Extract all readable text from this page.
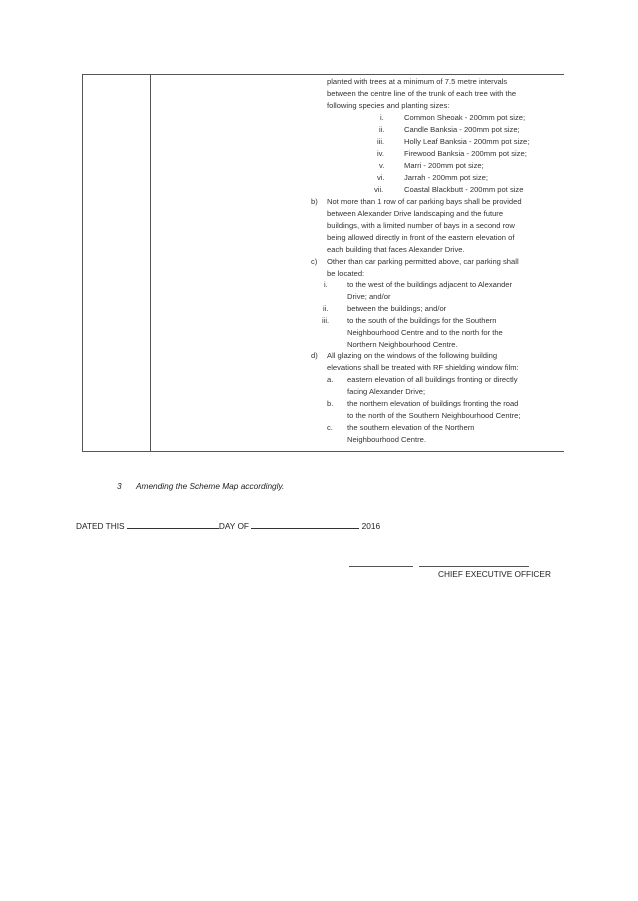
planted with trees at a minimum of 7.5 metre intervals
between the centre line of the trunk of each tree with the
following species and planting sizes:
i.	Common Sheoak - 200mm pot size;
ii.	Candle Banksia - 200mm pot size;
iii.	Holly Leaf Banksia - 200mm pot size;
iv.	Firewood Banksia - 200mm pot size;
v.	Marri - 200mm pot size;
vi.	Jarrah - 200mm pot size;
vii.	Coastal Blackbutt - 200mm pot size
b) Not more than 1 row of car parking bays shall be provided
between Alexander Drive landscaping and the future
buildings, with a limited number of bays in a second row
being allowed directly in front of the eastern elevation of
each building that faces Alexander Drive.
c) Other than car parking permitted above, car parking shall
be located:
i.	to the west of the buildings adjacent to Alexander
Drive; and/or
ii. between the buildings; and/or
iii. to the south of the buildings for the Southern
Neighbourhood Centre and to the north for the
Northern Neighbourhood Centre.
d) All glazing on the windows of the following building
elevations shall be treated with RF shielding window film:
a. eastern elevation of all buildings fronting or directly
facing Alexander Drive;
b. the northern elevation of buildings fronting the road
to the north of the Southern Neighbourhood Centre;
c. the southern elevation of the Northern
Neighbourhood Centre.
3 Amending the Scheme Map accordingly.
DATED THIS	DAY OF	2016
CHIEF EXECUTIVE OFFICER
